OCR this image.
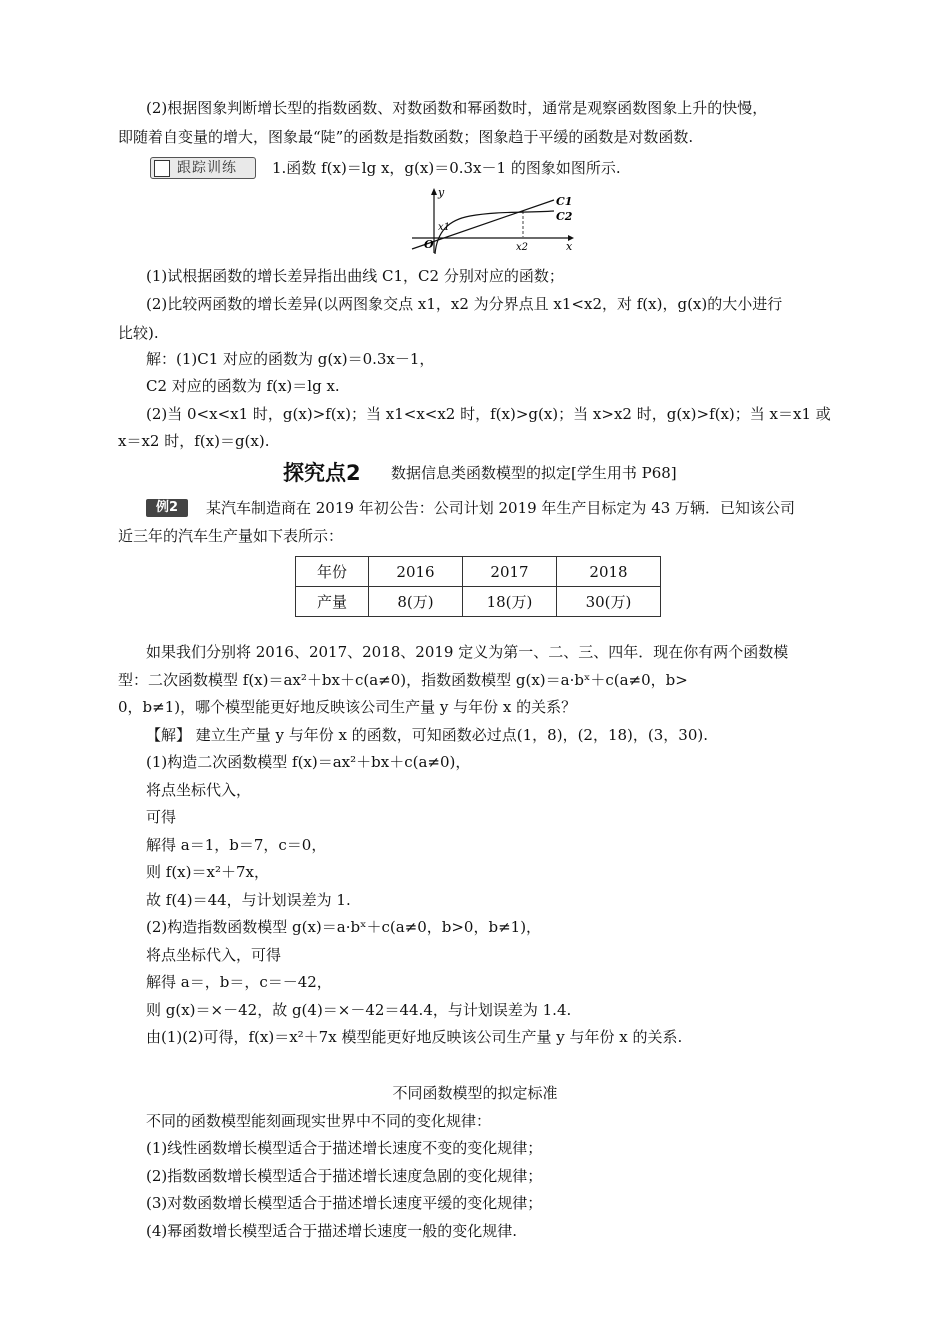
(2)根据图象判断增长型的指数函数、对数函数和幂函数时，通常是观察函数图象上升的快慢，
即随着自变量的增大，图象最“陡”的函数是指数函数；图象趋于平缓的函数是对数函数.
跟踪训练 1.函数 f(x)＝lg x，g(x)＝0.3x－1 的图象如图所示.
y
x
O
x1
x2
C1
C2
(1)试根据函数的增长差异指出曲线 C1，C2 分别对应的函数；
(2)比较两函数的增长差异(以两图象交点 x1，x2 为分界点且 x1<x2，对 f(x)，g(x)的大小进行
比较).
解：(1)C1 对应的函数为 g(x)＝0.3x－1，
C2 对应的函数为 f(x)＝lg x.
(2)当 0<x<x1 时，g(x)>f(x)；当 x1<x<x2 时，f(x)>g(x)；当 x>x2 时，g(x)>f(x)；当 x＝x1 或
x＝x2 时，f(x)＝g(x).
探究点2 数据信息类函数模型的拟定[学生用书 P68]
例2	某汽车制造商在 2019 年初公告：公司计划 2019 年生产目标定为 43 万辆．已知该公司
近三年的汽车生产量如下表所示：
年份	2016	2017	2018
产量	8(万)	18(万)	30(万)
如果我们分别将 2016、2017、2018、2019 定义为第一、二、三、四年．现在你有两个函数模
型：二次函数模型 f(x)＝ax²＋bx＋c(a≠0)，指数函数模型 g(x)＝a·bˣ＋c(a≠0，b>
0，b≠1)，哪个模型能更好地反映该公司生产量 y 与年份 x 的关系？
【解】 建立生产量 y 与年份 x 的函数，可知函数必过点(1，8)，(2，18)，(3，30).
(1)构造二次函数模型 f(x)＝ax²＋bx＋c(a≠0)，
将点坐标代入，
可得
解得 a＝1，b＝7，c＝0，
则 f(x)＝x²＋7x，
故 f(4)＝44，与计划误差为 1.
(2)构造指数函数模型 g(x)＝a·bˣ＋c(a≠0，b>0，b≠1)，
将点坐标代入，可得
解得 a＝，b＝，c＝－42，
则 g(x)＝×－42，故 g(4)＝×－42＝44.4，与计划误差为 1.4.
由(1)(2)可得，f(x)＝x²＋7x 模型能更好地反映该公司生产量 y 与年份 x 的关系.
不同函数模型的拟定标准
不同的函数模型能刻画现实世界中不同的变化规律：
(1)线性函数增长模型适合于描述增长速度不变的变化规律；
(2)指数函数增长模型适合于描述增长速度急剧的变化规律；
(3)对数函数增长模型适合于描述增长速度平缓的变化规律；
(4)幂函数增长模型适合于描述增长速度一般的变化规律.
